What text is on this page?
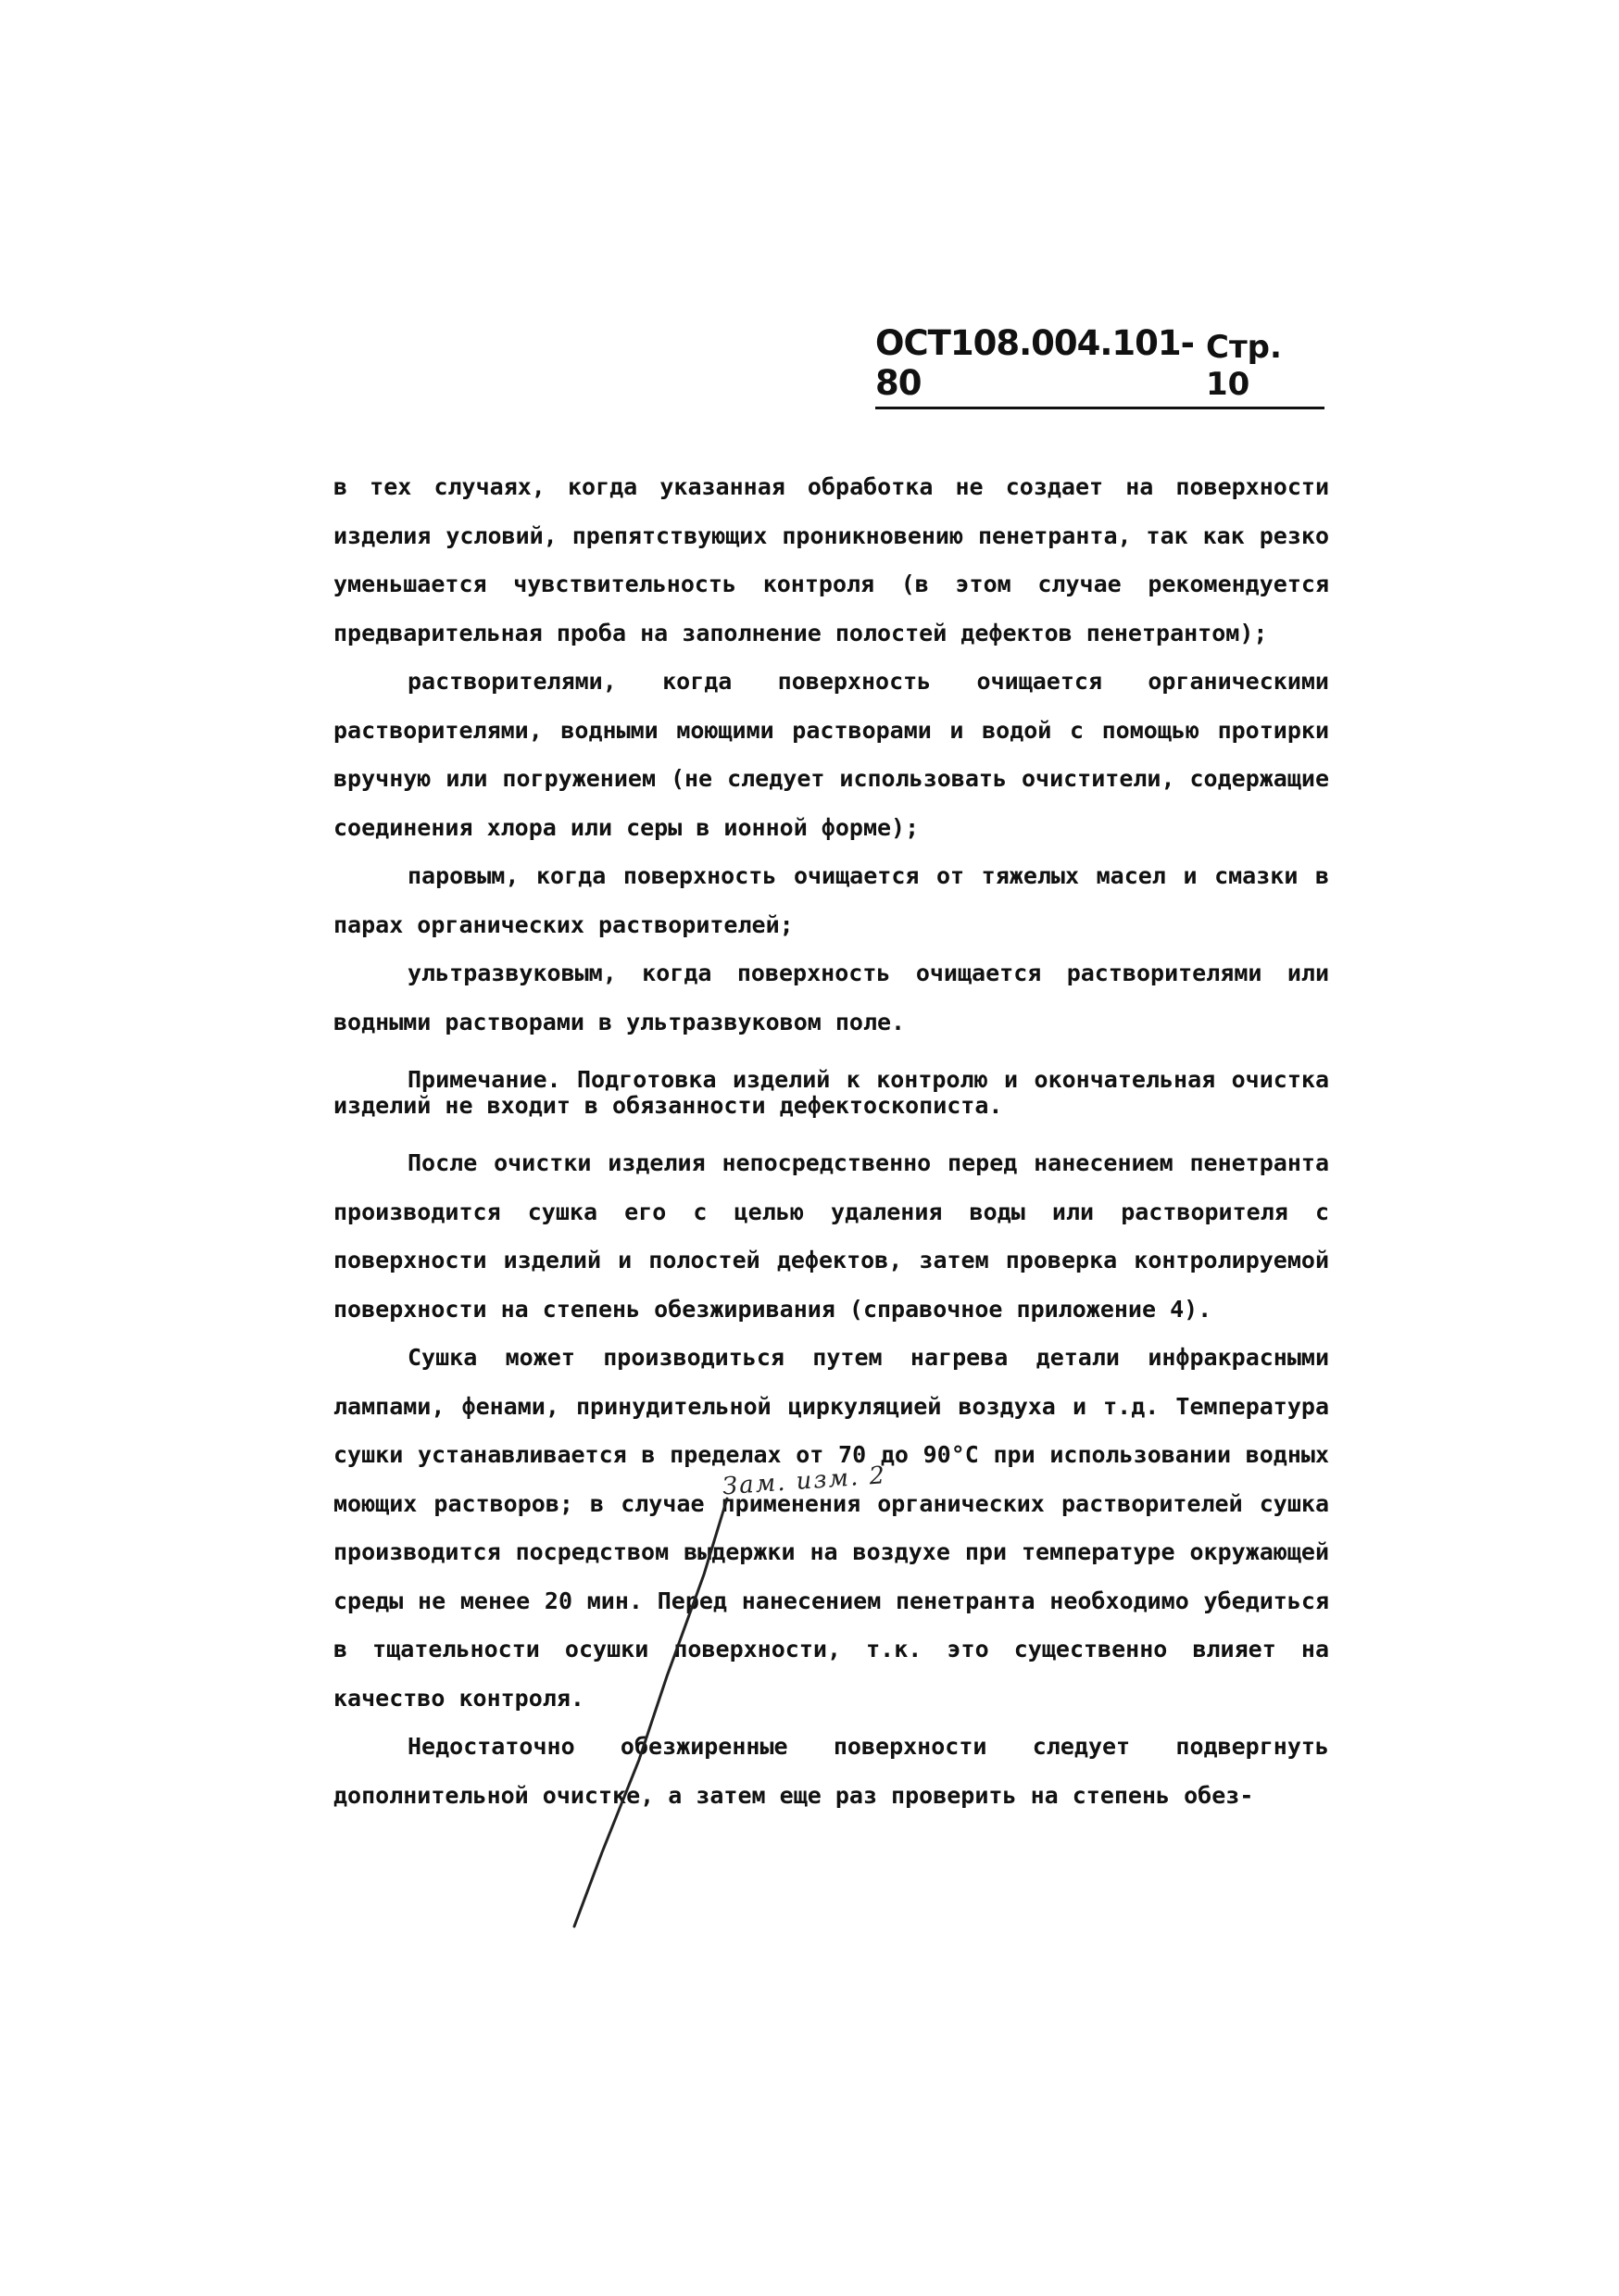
ОСТ108.004.101-80
Стр. 10

в тех случаях, когда указанная обработка не создает на поверхности изделия условий, препятствующих проникновению пенетранта, так как резко уменьшается чувствительность контроля (в этом случае рекомендуется предварительная проба на заполнение полостей дефектов пенетрантом);

растворителями, когда поверхность очищается органическими растворителями, водными моющими растворами и водой с помощью протирки вручную или погружением (не следует использовать очистители, содержащие соединения хлора или серы в ионной форме);

паровым, когда поверхность очищается от тяжелых масел и смазки в парах органических растворителей;

ультразвуковым, когда поверхность очищается растворителями или водными растворами в ультразвуковом поле.

Примечание. Подготовка изделий к контролю и окончательная очистка изделий не входит в обязанности дефектоскописта.

После очистки изделия непосредственно перед нанесением пенетранта производится сушка его с целью удаления воды или растворителя с поверхности изделий и полостей дефектов, затем проверка контролируемой поверхности на степень обезжиривания (справочное приложение 4).

Сушка может производиться путем нагрева детали инфракрасными лампами, фенами, принудительной циркуляцией воздуха и т.д. Температура сушки устанавливается в пределах от 70 до 90°С при использовании водных моющих растворов; в случае применения органических растворителей сушка производится посредством выдержки на воздухе при температуре окружающей среды не менее 20 мин. Перед нанесением пенетранта необходимо убедиться в тщательности осушки поверхности, т.к. это существенно влияет на качество контроля.

Недостаточно обезжиренные поверхности следует подвергнуть дополнительной очистке, а затем еще раз проверить на степень обез-

Зам. изм. 2
